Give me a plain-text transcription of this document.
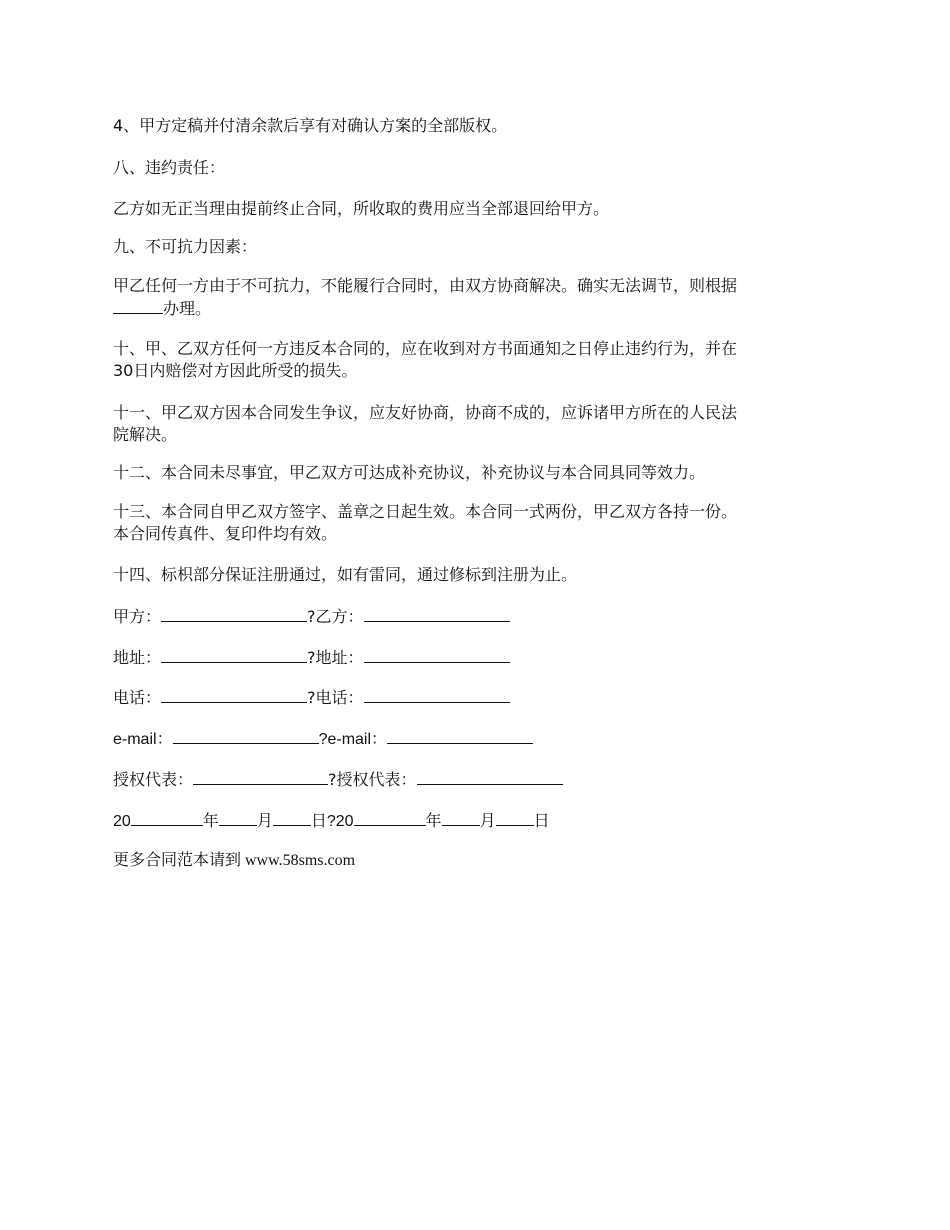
4、甲方定稿并付清余款后享有对确认方案的全部版权。
八、违约责任：
乙方如无正当理由提前终止合同，所收取的费用应当全部退回给甲方。
九、不可抗力因素：
甲乙任何一方由于不可抗力，不能履行合同时，由双方协商解决。确实无法调节，则根据
办理。
十、甲、乙双方任何一方违反本合同的，应在收到对方书面通知之日停止违约行为，并在
30日内赔偿对方因此所受的损失。
十一、甲乙双方因本合同发生争议，应友好协商，协商不成的，应诉诸甲方所在的人民法
院解决。
十二、本合同未尽事宜，甲乙双方可达成补充协议，补充协议与本合同具同等效力。
十三、本合同自甲乙双方签字、盖章之日起生效。本合同一式两份，甲乙双方各持一份。
本合同传真件、复印件均有效。
十四、标枳部分保证注册通过，如有雷同，通过修标到注册为止。
甲方：	?乙方：
地址：	?地址：
电话：	?电话：
e-mail：	?e-mail：
授权代表：	?授权代表：
20	年 月 日?20	年 月 日
更多合同范本请到 www.58sms.com
